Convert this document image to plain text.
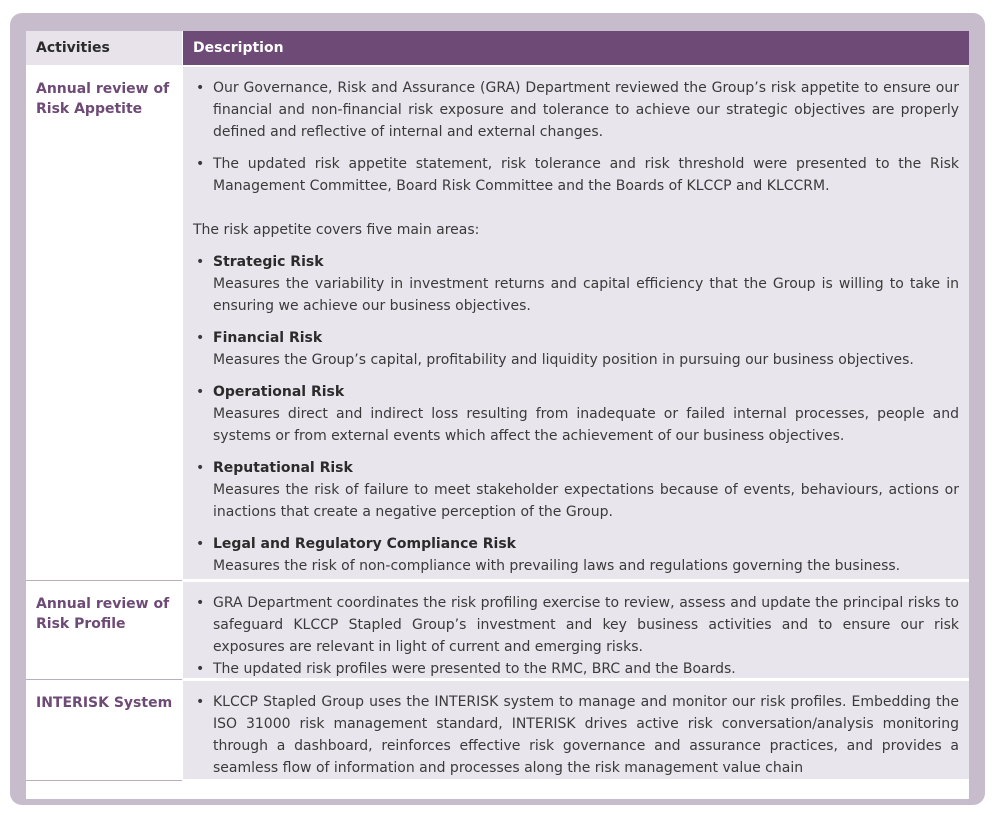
Activities	Description
Annual review of Risk Appetite
• Our Governance, Risk and Assurance (GRA) Department reviewed the Group’s risk appetite to ensure our financial and non-financial risk exposure and tolerance to achieve our strategic objectives are properly defined and reflective of internal and external changes.
• The updated risk appetite statement, risk tolerance and risk threshold were presented to the Risk Management Committee, Board Risk Committee and the Boards of KLCCP and KLCCRM.
The risk appetite covers five main areas:
• Strategic Risk
Measures the variability in investment returns and capital efficiency that the Group is willing to take in ensuring we achieve our business objectives.
• Financial Risk
Measures the Group’s capital, profitability and liquidity position in pursuing our business objectives.
• Operational Risk
Measures direct and indirect loss resulting from inadequate or failed internal processes, people and systems or from external events which affect the achievement of our business objectives.
• Reputational Risk
Measures the risk of failure to meet stakeholder expectations because of events, behaviours, actions or inactions that create a negative perception of the Group.
• Legal and Regulatory Compliance Risk
Measures the risk of non-compliance with prevailing laws and regulations governing the business.
Annual review of Risk Profile
• GRA Department coordinates the risk profiling exercise to review, assess and update the principal risks to safeguard KLCCP Stapled Group’s investment and key business activities and to ensure our risk exposures are relevant in light of current and emerging risks.
• The updated risk profiles were presented to the RMC, BRC and the Boards.
INTERISK System
•	KLCCP Stapled Group uses the INTERISK system to manage and monitor our risk profiles. Embedding the ISO 31000 risk management standard, INTERISK drives active risk conversation/analysis monitoring through a dashboard, reinforces effective risk governance and assurance practices, and provides a seamless flow of information and processes along the risk management value chain
